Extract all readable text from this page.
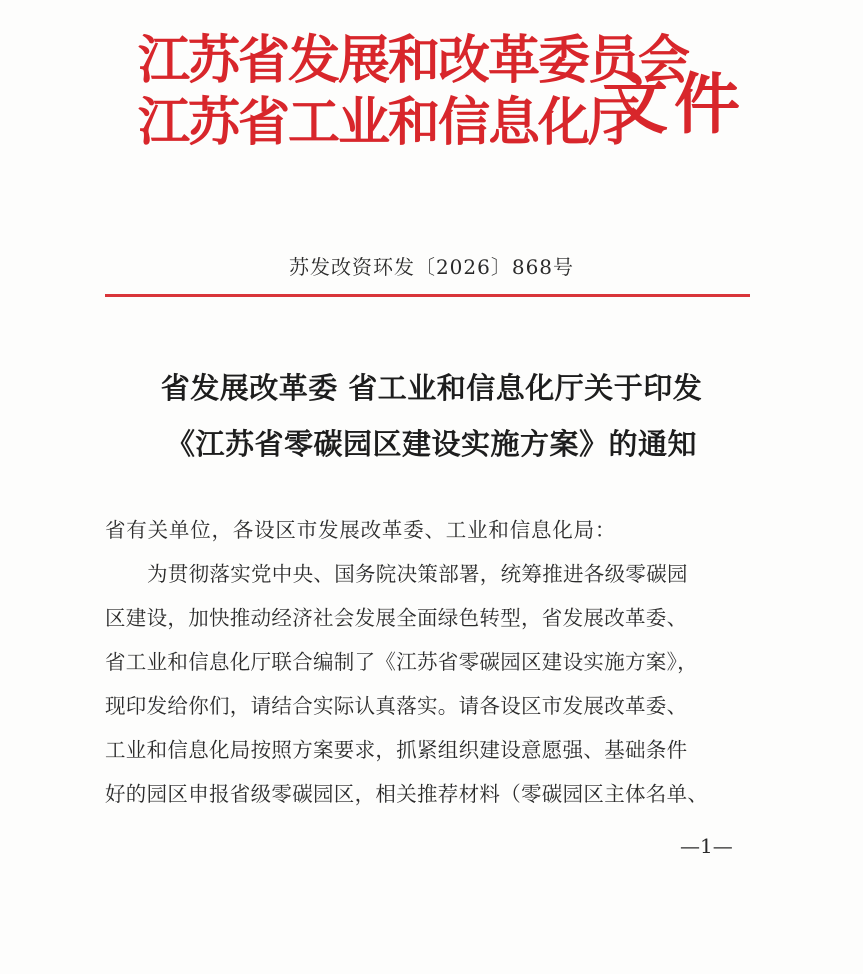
江苏省发展和改革委员会
江苏省工业和信息化厅
文件
苏发改资环发〔2026〕868号
省发展改革委 省工业和信息化厅关于印发
《江苏省零碳园区建设实施方案》的通知
省有关单位，各设区市发展改革委、工业和信息化局：
为贯彻落实党中央、国务院决策部署，统筹推进各级零碳园
区建设，加快推动经济社会发展全面绿色转型，省发展改革委、
省工业和信息化厅联合编制了《江苏省零碳园区建设实施方案》，
现印发给你们，请结合实际认真落实。请各设区市发展改革委、
工业和信息化局按照方案要求，抓紧组织建设意愿强、基础条件
好的园区申报省级零碳园区，相关推荐材料（零碳园区主体名单、
—1—
